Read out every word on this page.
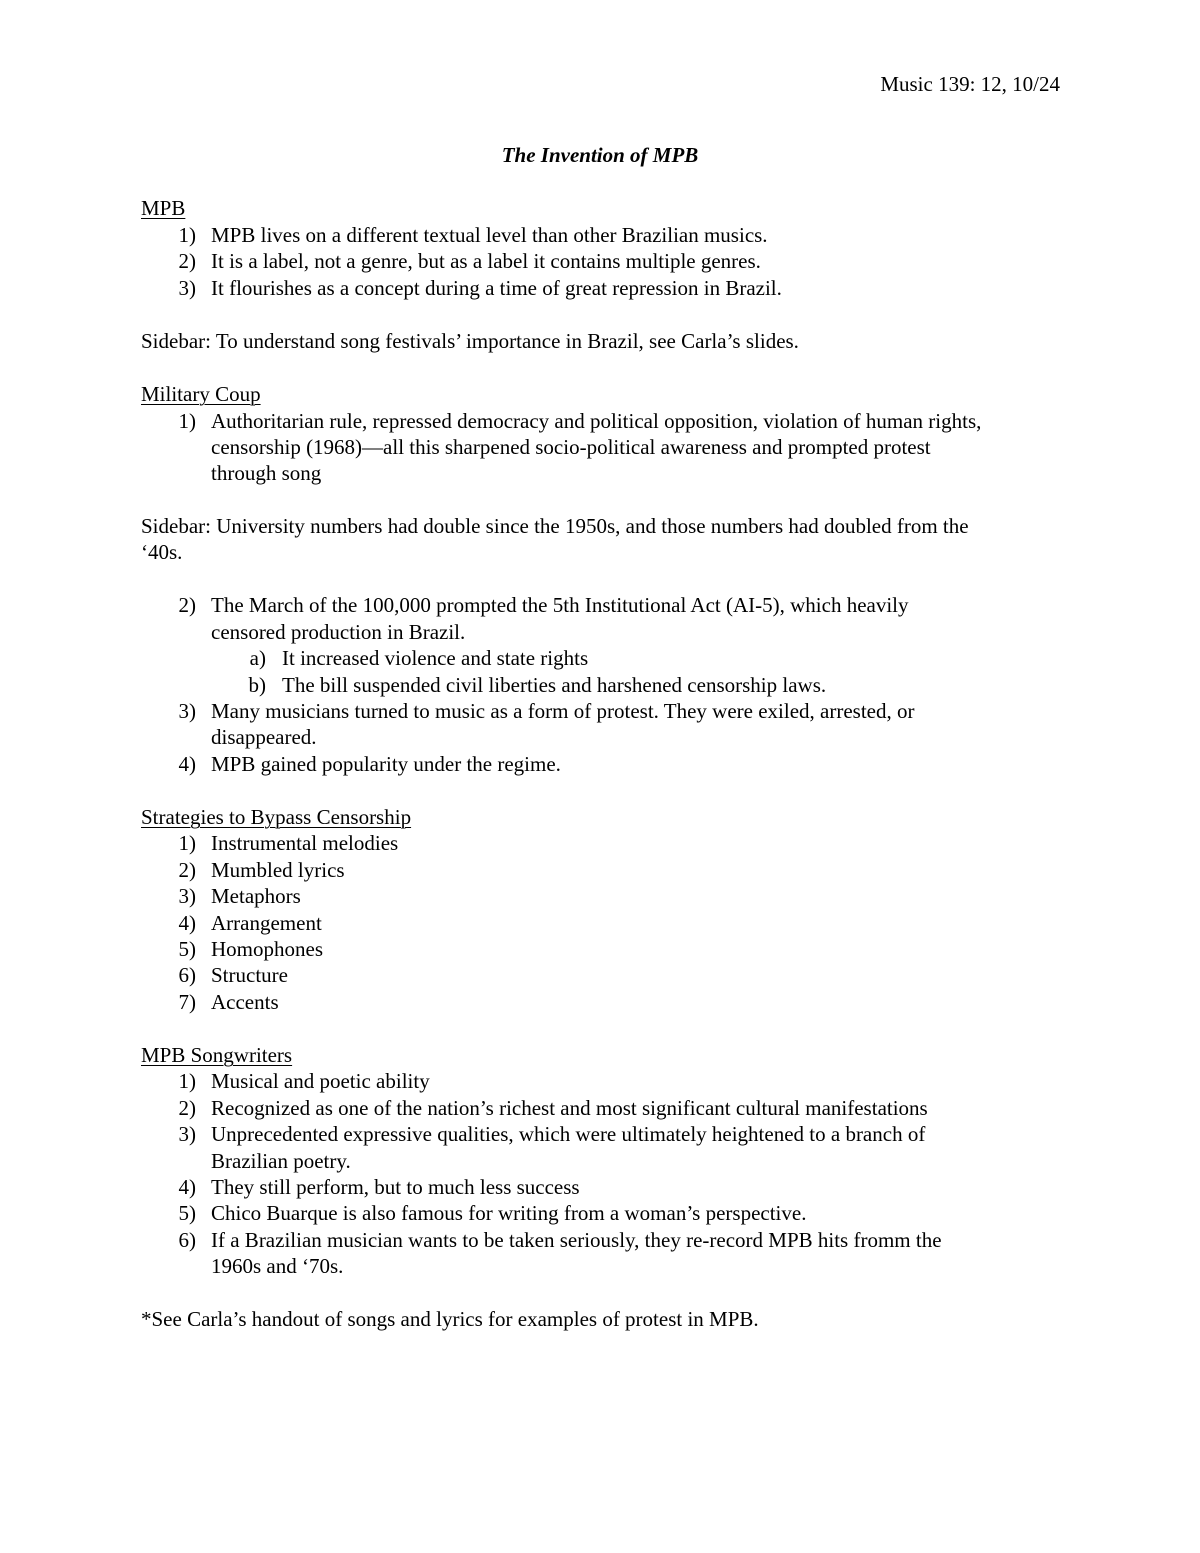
Music 139: 12, 10/24
The Invention of MPB
MPB
1) MPB lives on a different textual level than other Brazilian musics.
2) It is a label, not a genre, but as a label it contains multiple genres.
3) It flourishes as a concept during a time of great repression in Brazil.
Sidebar: To understand song festivals’ importance in Brazil, see Carla’s slides.
Military Coup
1) Authoritarian rule, repressed democracy and political opposition, violation of human rights,
censorship (1968)—all this sharpened socio-political awareness and prompted protest
through song
Sidebar: University numbers had double since the 1950s, and those numbers had doubled from the
‘40s.
2) The March of the 100,000 prompted the 5th Institutional Act (AI-5), which heavily
censored production in Brazil.
a) It increased violence and state rights
b) The bill suspended civil liberties and harshened censorship laws.
3) Many musicians turned to music as a form of protest. They were exiled, arrested, or
disappeared.
4) MPB gained popularity under the regime.
Strategies to Bypass Censorship
1) Instrumental melodies
2) Mumbled lyrics
3) Metaphors
4) Arrangement
5) Homophones
6) Structure
7) Accents
MPB Songwriters
1) Musical and poetic ability
2) Recognized as one of the nation’s richest and most significant cultural manifestations
3) Unprecedented expressive qualities, which were ultimately heightened to a branch of
Brazilian poetry.
4) They still perform, but to much less success
5) Chico Buarque is also famous for writing from a woman’s perspective.
6) If a Brazilian musician wants to be taken seriously, they re-record MPB hits fromm the
1960s and ‘70s.
*See Carla’s handout of songs and lyrics for examples of protest in MPB.
